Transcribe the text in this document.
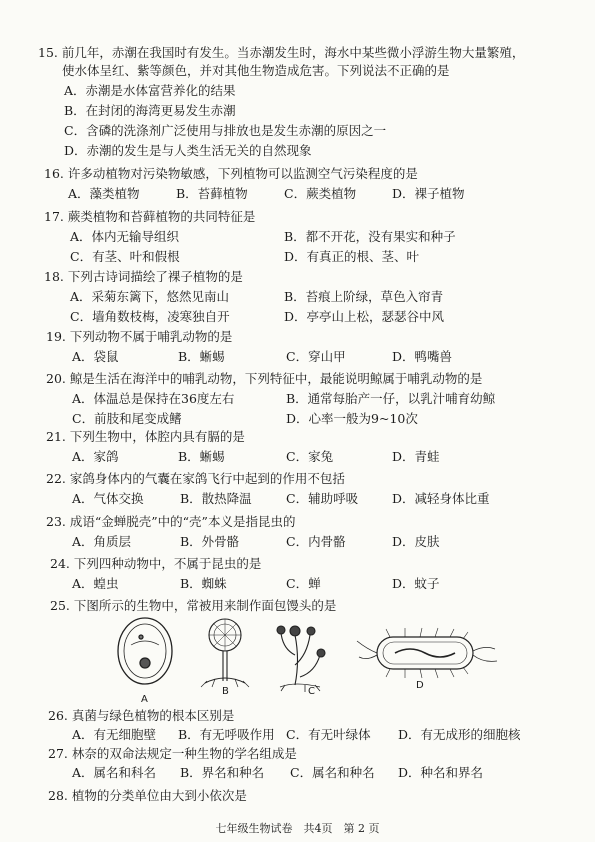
15. 前几年，赤潮在我国时有发生。当赤潮发生时，海水中某些微小浮游生物大量繁殖，
使水体呈红、紫等颜色，并对其他生物造成危害。下列说法不正确的是
A．赤潮是水体富营养化的结果
B．在封闭的海湾更易发生赤潮
C．含磷的洗涤剂广泛使用与排放也是发生赤潮的原因之一
D．赤潮的发生是与人类生活无关的自然现象
16. 许多动植物对污染物敏感，下列植物可以监测空气污染程度的是
A．藻类植物	B．苔藓植物	C．蕨类植物	D．裸子植物
17. 蕨类植物和苔藓植物的共同特征是
A．体内无输导组织	B．都不开花，没有果实和种子
C．有茎、叶和假根	D．有真正的根、茎、叶
18. 下列古诗词描绘了裸子植物的是
A．采菊东篱下，悠然见南山	B．苔痕上阶绿，草色入帘青
C．墙角数枝梅，凌寒独自开	D．亭亭山上松，瑟瑟谷中风
19. 下列动物不属于哺乳动物的是
A．袋鼠	B．蜥蜴	C．穿山甲	D．鸭嘴兽
20. 鲸是生活在海洋中的哺乳动物，下列特征中，最能说明鲸属于哺乳动物的是
A．体温总是保持在36度左右	B．通常每胎产一仔，以乳汁哺育幼鲸
C．前肢和尾变成鳍	D．心率一般为9~10次
21. 下列生物中，体腔内具有膈的是
A．家鸽	B．蜥蜴	C．家兔	D．青蛙
22. 家鸽身体内的气囊在家鸽飞行中起到的作用不包括
A．气体交换	B．散热降温	C．辅助呼吸	D．减轻身体比重
23. 成语“金蝉脱壳”中的“壳”本义是指昆虫的
A．角质层	B．外骨骼	C．内骨骼	D．皮肤
24. 下列四种动物中，不属于昆虫的是
A．蝗虫	B．蜘蛛	C．蝉	D．蚊子
25. 下图所示的生物中，常被用来制作面包馒头的是
A
B	C
D
26. 真菌与绿色植物的根本区别是
A．有无细胞壁 B．有无呼吸作用 C．有无叶绿体 D．有无成形的细胞核
27. 林奈的双命法规定一种生物的学名组成是
A．属名和科名 B．界名和种名 C．属名和种名 D．种名和界名
28. 植物的分类单位由大到小依次是
七年级生物试卷　共4页　第 2 页
